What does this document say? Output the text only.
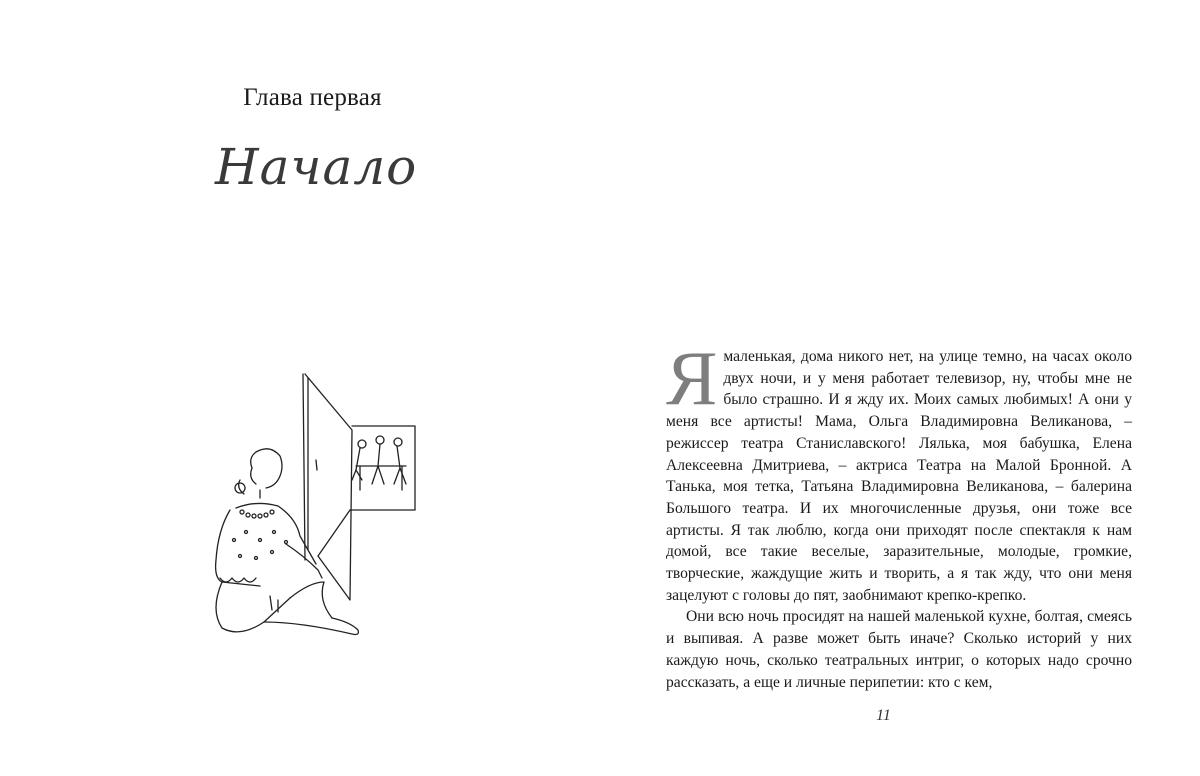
Глава первая
Начало

Я маленькая, дома никого нет, на улице темно, на часах около двух ночи, и у меня работает телевизор, ну, чтобы мне не было страшно. И я жду их. Моих самых любимых! А они у меня все артисты! Мама, Ольга Владимировна Великанова, – режиссер театра Станиславского! Лялька, моя бабушка, Елена Алексеевна Дмитриева, – актриса Театра на Малой Бронной. А Танька, моя тетка, Татьяна Владимировна Великанова, – балерина Большого театра. И их многочисленные друзья, они тоже все артисты. Я так люблю, когда они приходят после спектакля к нам домой, все такие веселые, заразительные, молодые, громкие, творческие, жаждущие жить и творить, а я так жду, что они меня зацелуют с головы до пят, заобнимают крепко-крепко.

Они всю ночь просидят на нашей маленькой кухне, болтая, смеясь и выпивая. А разве может быть иначе? Сколько историй у них каждую ночь, сколько театральных интриг, о которых надо срочно рассказать, а еще и личные перипетии: кто с кем,

11
